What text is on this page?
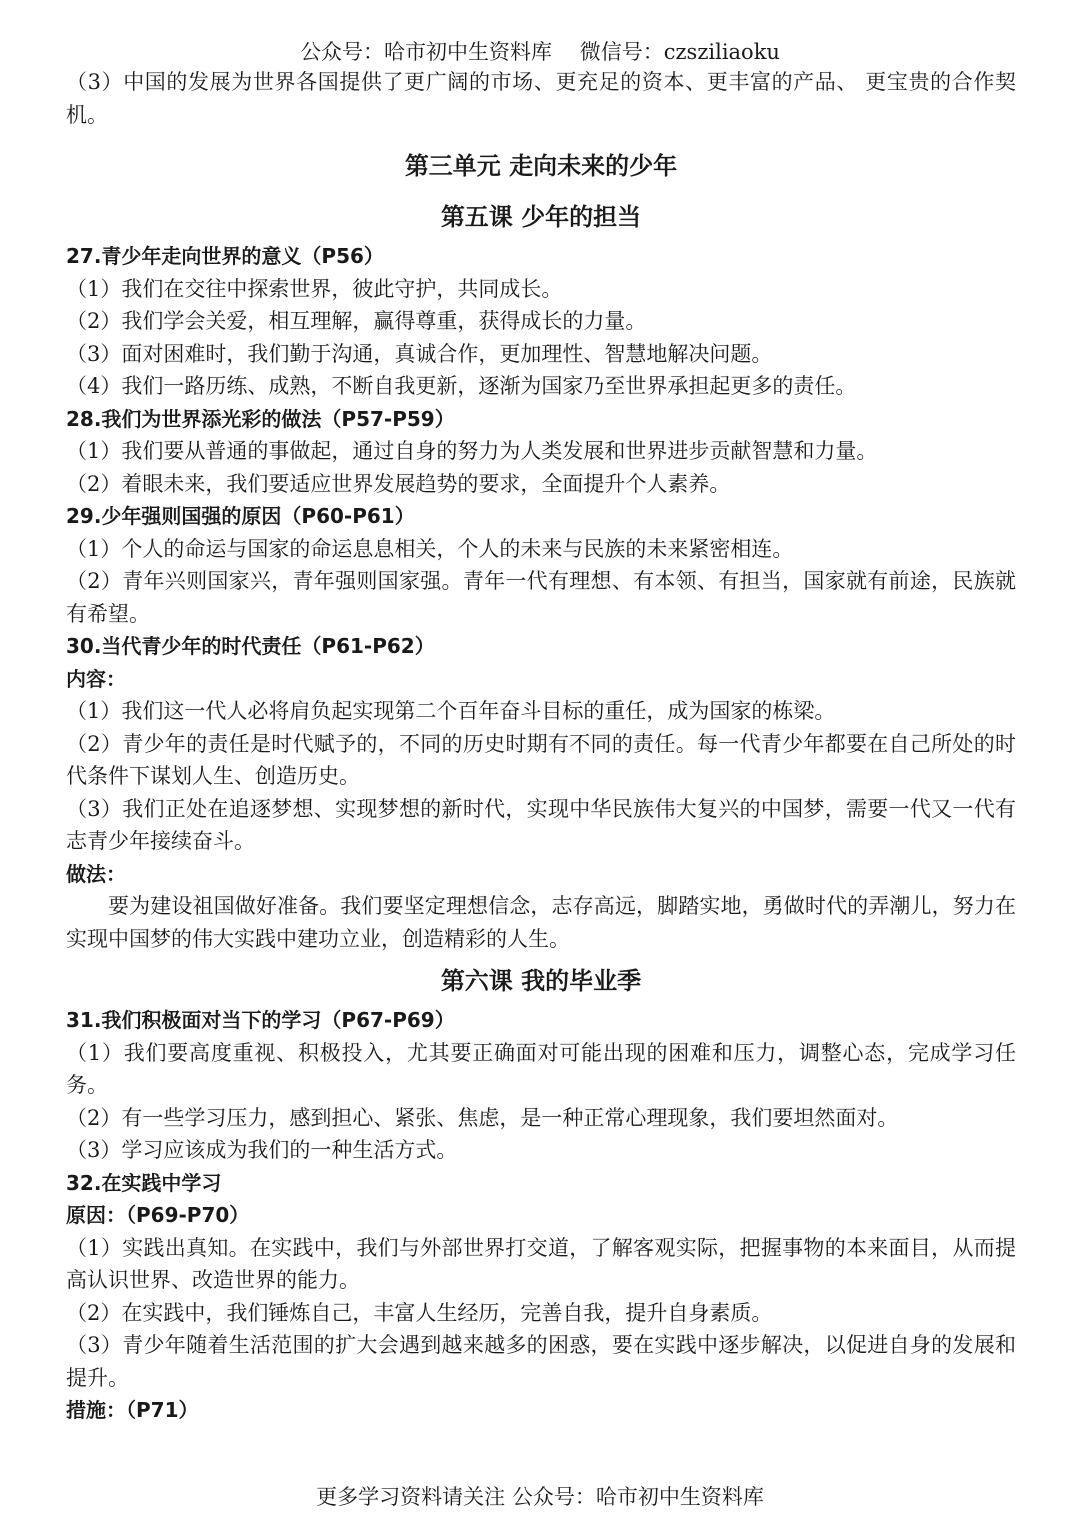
公众号：哈市初中生资料库　 微信号：czsziliaoku

（3）中国的发展为世界各国提供了更广阔的市场、更充足的资本、更丰富的产品、 更宝贵的合作契机。

第三单元 走向未来的少年

第五课 少年的担当

27.青少年走向世界的意义（P56）

（1）我们在交往中探索世界，彼此守护，共同成长。

（2）我们学会关爱，相互理解，赢得尊重，获得成长的力量。

（3）面对困难时，我们勤于沟通，真诚合作，更加理性、智慧地解决问题。

（4）我们一路历练、成熟，不断自我更新，逐渐为国家乃至世界承担起更多的责任。

28.我们为世界添光彩的做法（P57-P59）

（1）我们要从普通的事做起，通过自身的努力为人类发展和世界进步贡献智慧和力量。

（2）着眼未来，我们要适应世界发展趋势的要求，全面提升个人素养。

29.少年强则国强的原因（P60-P61）

（1）个人的命运与国家的命运息息相关，个人的未来与民族的未来紧密相连。

（2）青年兴则国家兴，青年强则国家强。青年一代有理想、有本领、有担当，国家就有前途，民族就有希望。

30.当代青少年的时代责任（P61-P62）

内容：

（1）我们这一代人必将肩负起实现第二个百年奋斗目标的重任，成为国家的栋梁。

（2）青少年的责任是时代赋予的，不同的历史时期有不同的责任。每一代青少年都要在自己所处的时代条件下谋划人生、创造历史。

（3）我们正处在追逐梦想、实现梦想的新时代，实现中华民族伟大复兴的中国梦，需要一代又一代有志青少年接续奋斗。

做法：

要为建设祖国做好准备。我们要坚定理想信念，志存高远，脚踏实地，勇做时代的弄潮儿，努力在实现中国梦的伟大实践中建功立业，创造精彩的人生。

第六课 我的毕业季

31.我们积极面对当下的学习（P67-P69）

（1）我们要高度重视、积极投入，尤其要正确面对可能出现的困难和压力，调整心态，完成学习任务。

（2）有一些学习压力，感到担心、紧张、焦虑，是一种正常心理现象，我们要坦然面对。

（3）学习应该成为我们的一种生活方式。

32.在实践中学习

原因：（P69-P70）

（1）实践出真知。在实践中，我们与外部世界打交道，了解客观实际，把握事物的本来面目，从而提高认识世界、改造世界的能力。

（2）在实践中，我们锤炼自己，丰富人生经历，完善自我，提升自身素质。

（3）青少年随着生活范围的扩大会遇到越来越多的困惑，要在实践中逐步解决，以促进自身的发展和提升。

措施：（P71）

更多学习资料请关注 公众号：哈市初中生资料库
